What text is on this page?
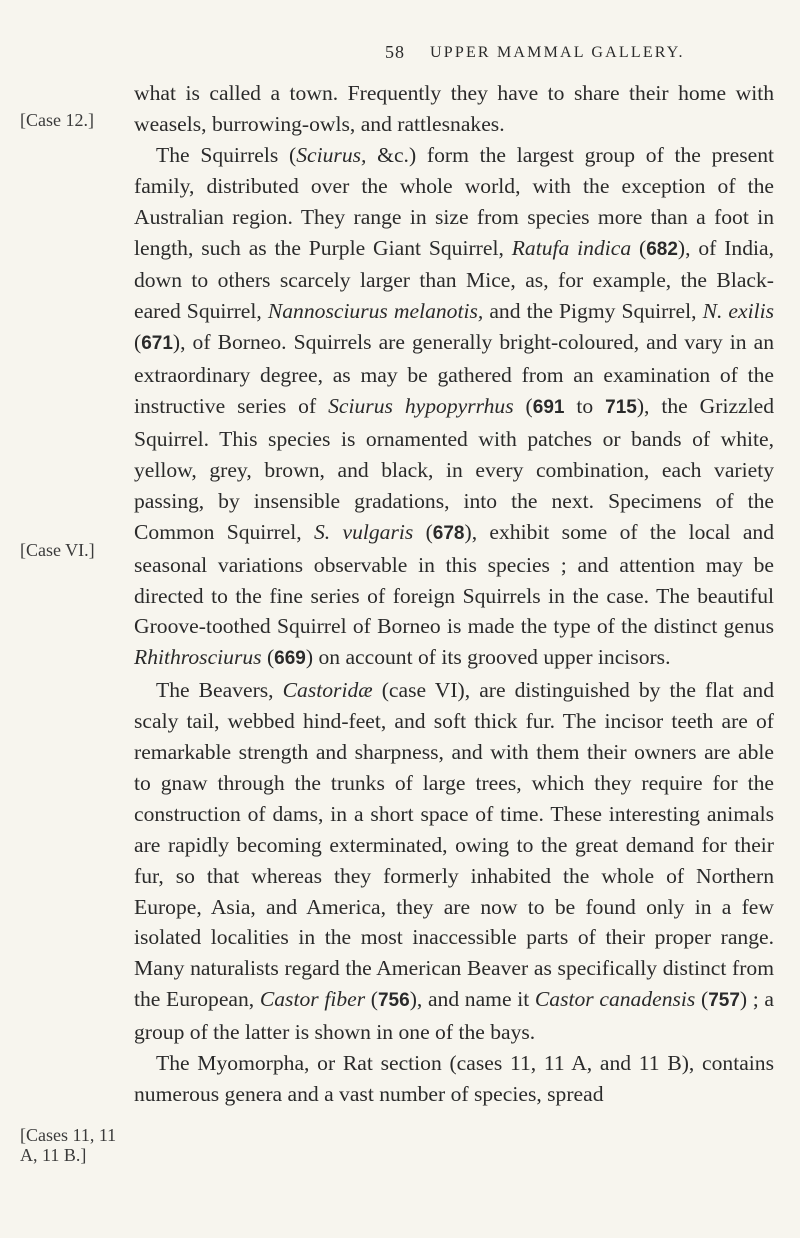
58 UPPER MAMMAL GALLERY.
[Case 12.]
[Case VI.]
[Cases 11, 11 A, 11 B.]

what is called a town. Frequently they have to share their home with weasels, burrowing-owls, and rattlesnakes.

The Squirrels (Sciurus, &c.) form the largest group of the present family, distributed over the whole world, with the exception of the Australian region. They range in size from species more than a foot in length, such as the Purple Giant Squirrel, Ratufa indica (682), of India, down to others scarcely larger than Mice, as, for example, the Black-eared Squirrel, Nannosciurus melanotis, and the Pigmy Squirrel, N. exilis (671), of Borneo. Squirrels are generally bright-coloured, and vary in an extraordinary degree, as may be gathered from an examination of the instructive series of Sciurus hypopyrrhus (691 to 715), the Grizzled Squirrel. This species is ornamented with patches or bands of white, yellow, grey, brown, and black, in every combination, each variety passing, by insensible gradations, into the next. Specimens of the Common Squirrel, S. vulgaris (678), exhibit some of the local and seasonal variations observable in this species ; and attention may be directed to the fine series of foreign Squirrels in the case. The beautiful Groove-toothed Squirrel of Borneo is made the type of the distinct genus Rhithrosciurus (669) on account of its grooved upper incisors.

The Beavers, Castoridæ (case VI), are distinguished by the flat and scaly tail, webbed hind-feet, and soft thick fur. The incisor teeth are of remarkable strength and sharpness, and with them their owners are able to gnaw through the trunks of large trees, which they require for the construction of dams, in a short space of time. These interesting animals are rapidly becoming exterminated, owing to the great demand for their fur, so that whereas they formerly inhabited the whole of Northern Europe, Asia, and America, they are now to be found only in a few isolated localities in the most inaccessible parts of their proper range. Many naturalists regard the American Beaver as specifically distinct from the European, Castor fiber (756), and name it Castor canadensis (757) ; a group of the latter is shown in one of the bays.

The Myomorpha, or Rat section (cases 11, 11 A, and 11 B), contains numerous genera and a vast number of species, spread
